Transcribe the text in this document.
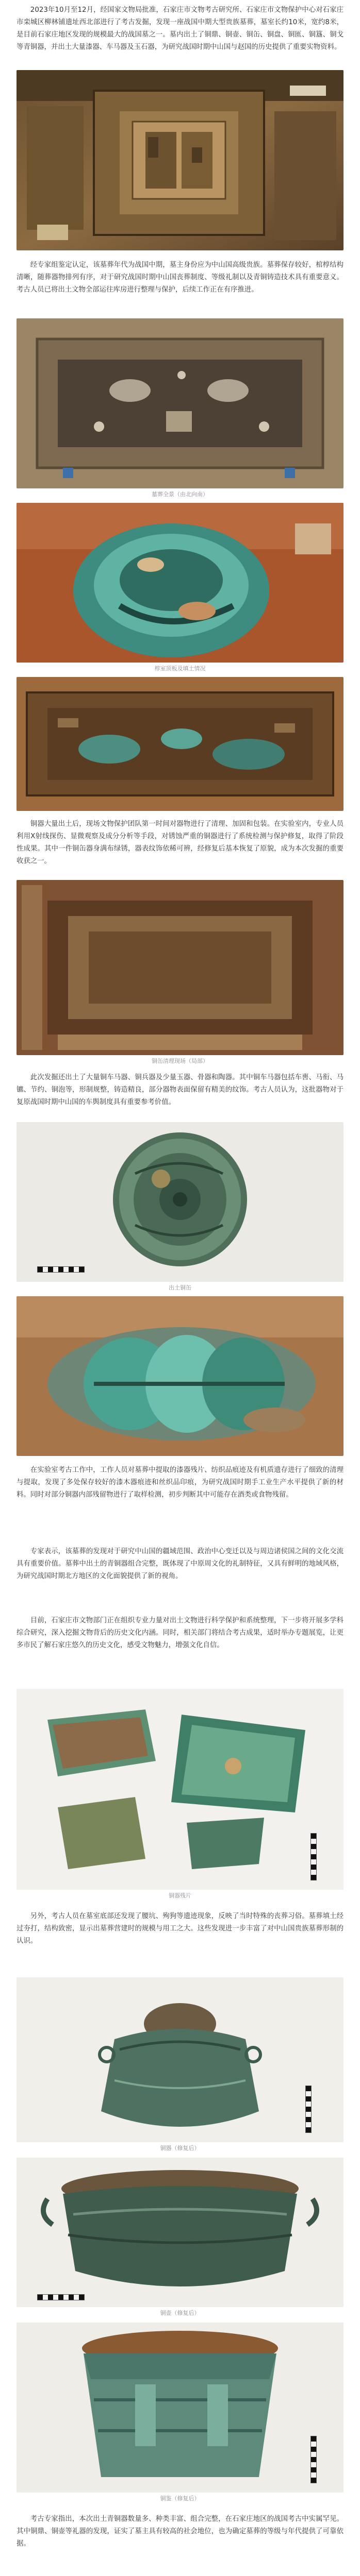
2023年10月至12月，经国家文物局批准，石家庄市文物考古研究所、石家庄市文物保护中心对石家庄市栾城区柳林铺遗址西北部进行了考古发掘，发现一座战国中期大型贵族墓葬，墓室长约10米，宽约8米，是目前石家庄地区发现的规模最大的战国墓之一。墓内出土了铜鼎、铜壶、铜缶、铜盘、铜匜、铜簋、铜戈等青铜器，并出土大量漆器、车马器及玉石器，为研究战国时期中山国与赵国的历史提供了重要实物资料。

经专家组鉴定认定，该墓葬年代为战国中期，墓主身份应为中山国高级贵族。墓葬保存较好，棺椁结构清晰，随葬器物排列有序，对于研究战国时期中山国丧葬制度、等级礼制以及青铜铸造技术具有重要意义。考古人员已将出土文物全部运往库房进行整理与保护，后续工作正在有序推进。

墓葬全景（由北向南）
椁室顶板及填土情况

铜器大量出土后，现场文物保护团队第一时间对器物进行了清理、加固和包装。在实验室内，专业人员利用X射线探伤、显微观察及成分分析等手段，对锈蚀严重的铜器进行了系统检测与保护修复，取得了阶段性成果。其中一件铜缶器身满布绿锈，器表纹饰依稀可辨，经修复后基本恢复了原貌，成为本次发掘的重要收获之一。

铜缶清理现场（局部）

此次发掘还出土了大量铜车马器、铜兵器及少量玉器、骨器和陶器。其中铜车马器包括车軎、马衔、马镳、节约、铜泡等，形制规整，铸造精良，部分器物表面保留有精美的纹饰。考古人员认为，这批器物对于复原战国时期中山国的车舆制度具有重要参考价值。

出土铜缶

在实验室考古工作中，工作人员对墓葬中提取的漆器残片、纺织品痕迹及有机质遗存进行了细致的清理与提取，发现了多处保存较好的漆木器痕迹和丝织品印痕，为研究战国时期手工业生产水平提供了新的材料。同时对部分铜器内部残留物进行了取样检测，初步判断其中可能存在酒类或食物残留。

专家表示，该墓葬的发现对于研究中山国的疆域范围、政治中心变迁以及与周边诸侯国之间的文化交流具有重要价值。墓葬中出土的青铜器组合完整，既体现了中原周文化的礼制特征，又具有鲜明的地域风格，为研究战国时期北方地区的文化面貌提供了新的视角。

目前，石家庄市文物部门正在组织专业力量对出土文物进行科学保护和系统整理，下一步将开展多学科综合研究，深入挖掘文物背后的历史文化内涵。同时，相关部门将结合考古成果，适时举办专题展览，让更多市民了解石家庄悠久的历史文化，感受文物魅力，增强文化自信。

铜器残片

另外，考古人员在墓室底部还发现了腰坑、殉狗等遗迹现象，反映了当时特殊的丧葬习俗。墓葬填土经过夯打，结构致密，显示出墓葬营建时的规模与用工之大。这些发现进一步丰富了对中山国贵族墓葬形制的认识。

铜器（修复后）
铜壶（修复后）
铜鉴（修复后）

考古专家指出，本次出土青铜器数量多、种类丰富、组合完整，在石家庄地区的战国考古中实属罕见。其中铜鼎、铜壶等礼器的发现，证实了墓主具有较高的社会地位，也为确定墓葬的等级与年代提供了可靠依据。
